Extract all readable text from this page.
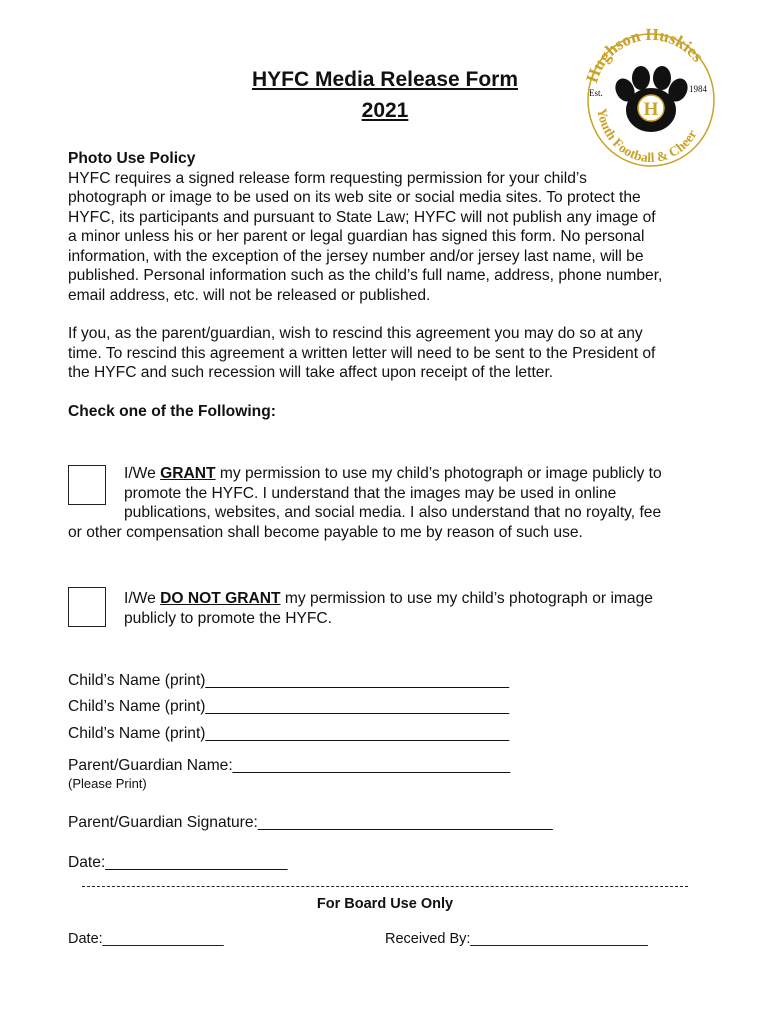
Hughson Huskies
Youth Football & Cheer
H
Est.	1984
HYFC Media Release Form
2021
Photo Use Policy
HYFC requires a signed release form requesting permission for your child’s
photograph or image to be used on its web site or social media sites. To protect the
HYFC, its participants and pursuant to State Law; HYFC will not publish any image of
a minor unless his or her parent or legal guardian has signed this form. No personal
information, with the exception of the jersey number and/or jersey last name, will be
published. Personal information such as the child’s full name, address, phone number,
email address, etc. will not be released or published.
If you, as the parent/guardian, wish to rescind this agreement you may do so at any
time. To rescind this agreement a written letter will need to be sent to the President of
the HYFC and such recession will take affect upon receipt of the letter.
Check one of the Following:
I/We GRANT my permission to use my child’s photograph or image publicly to
promote the HYFC. I understand that the images may be used in online
publications, websites, and social media. I also understand that no royalty, fee
or other compensation shall become payable to me by reason of such use.
I/We DO NOT GRANT my permission to use my child’s photograph or image
publicly to promote the HYFC.
Child’s Name (print)___________________________________
Child’s Name (print)___________________________________
Child’s Name (print)___________________________________
Parent/Guardian Name:________________________________
(Please Print)
Parent/Guardian Signature:__________________________________
Date:_____________________
For Board Use Only
Date:_______________	Received By:______________________
